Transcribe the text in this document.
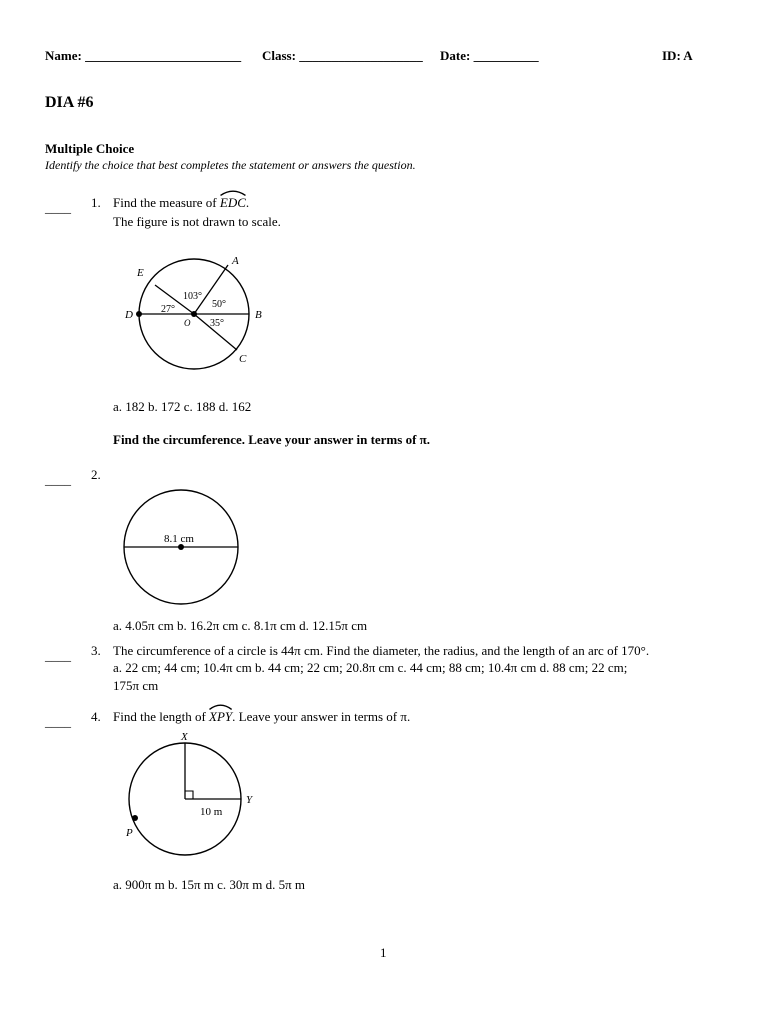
Name: ________________________ Class: ___________________ Date: __________	ID: A
DIA #6
Multiple Choice
Identify the choice that best completes the statement or answers the question.
____ 1. Find the measure of
EDC.
The figure is not drawn to scale.
E
A
D	B
C
O
103°
50°
27°
35°
a. 182 b. 172 c. 188 d. 162
Find the circumference. Leave your answer in terms of π.
____ 2.
8.1 cm
a. 4.05π cm b. 16.2π cm c. 8.1π cm d. 12.15π cm
____ 3. The circumference of a circle is 44π cm. Find the diameter, the radius, and the length of an arc of 170°.
a. 22 cm; 44 cm; 10.4π cm b. 44 cm; 22 cm; 20.8π cm c. 44 cm; 88 cm; 10.4π cm d. 88 cm; 22 cm;
175π cm
____ 4. Find the length of
XPY. Leave your answer in terms of π.
X
Y
P
10 m
a. 900π m b. 15π m c. 30π m d. 5π m
1
